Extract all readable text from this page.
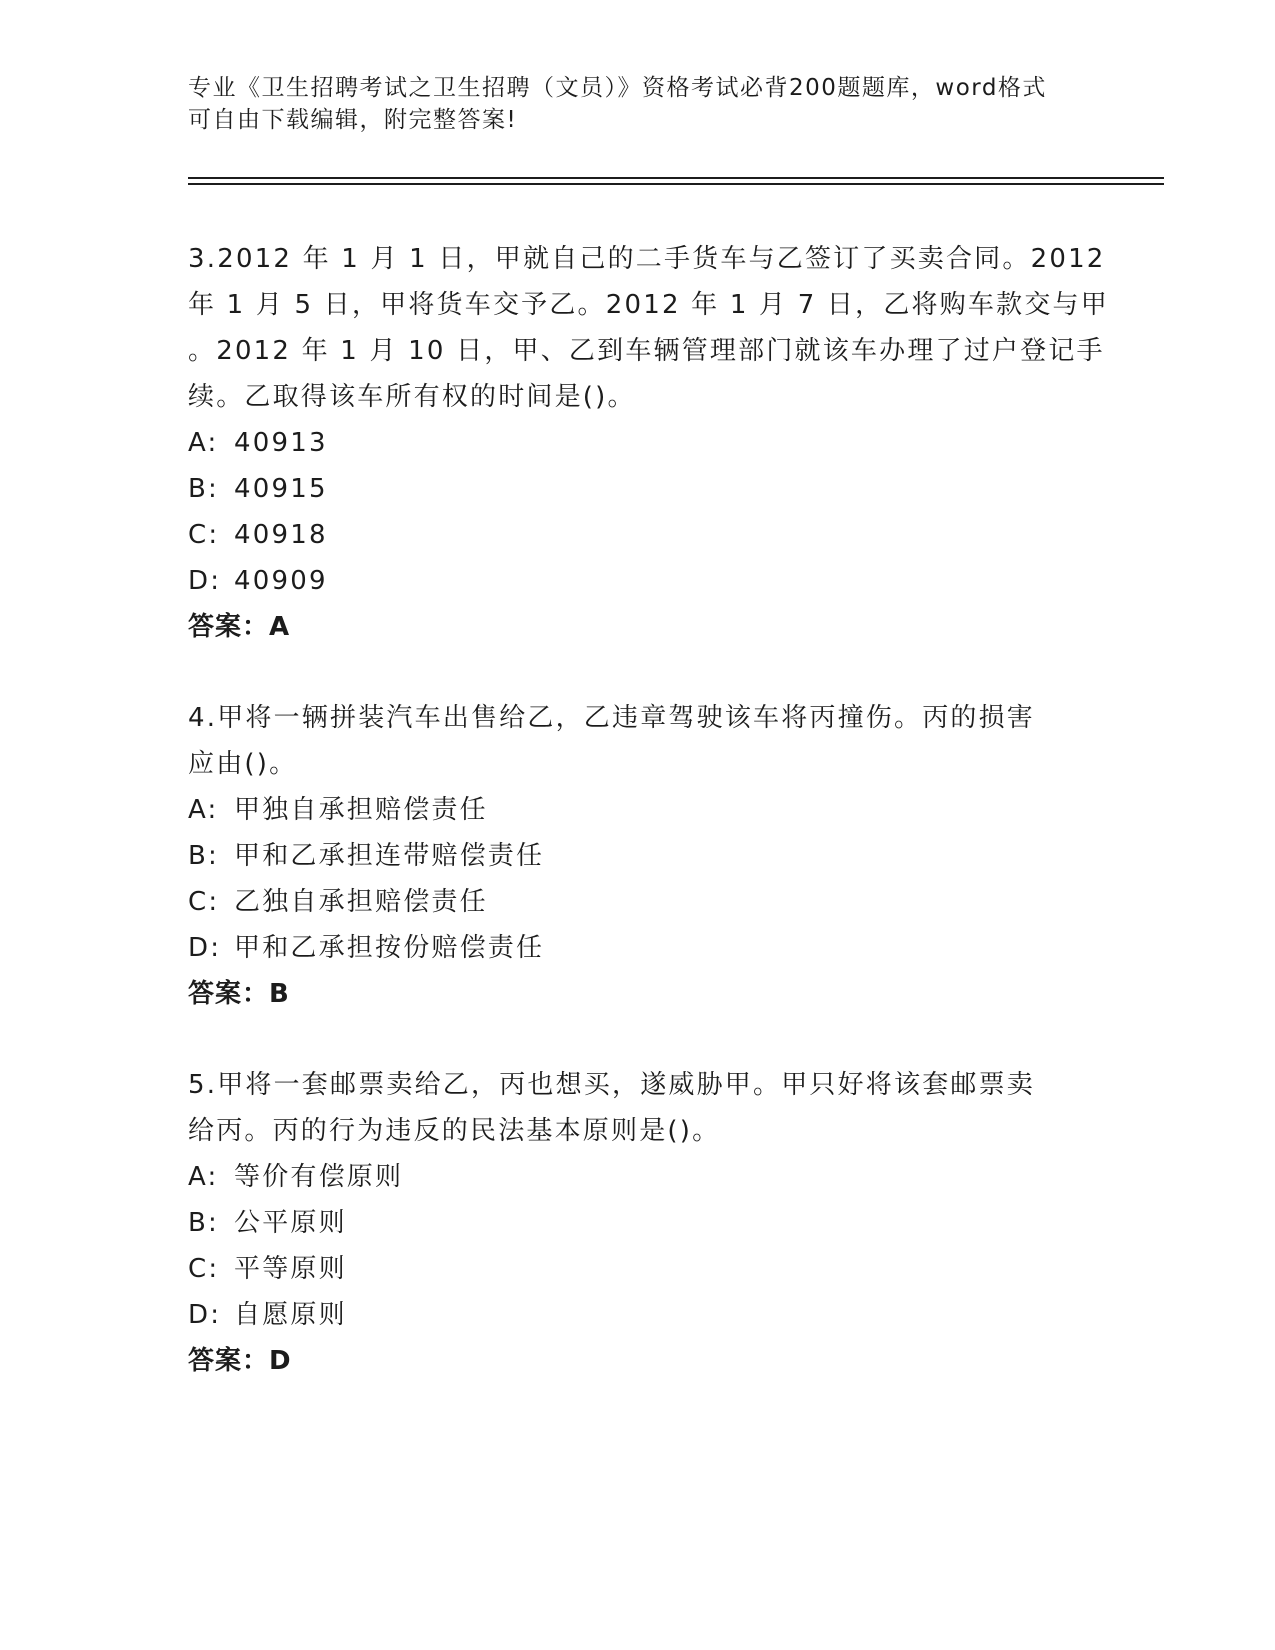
专业《卫生招聘考试之卫生招聘（文员）》资格考试必背200题题库，word格式

可自由下载编辑，附完整答案!

3.2012 年 1 月 1 日，甲就自己的二手货车与乙签订了买卖合同。2012
年 1 月 5 日，甲将货车交予乙。2012 年 1 月 7 日，乙将购车款交与甲
。2012 年 1 月 10 日，甲、乙到车辆管理部门就该车办理了过户登记手
续。乙取得该车所有权的时间是()。

A: 40913
B: 40915
C: 40918
D: 40909
答案：A

4.甲将一辆拼装汽车出售给乙，乙违章驾驶该车将丙撞伤。丙的损害
应由()。

A: 甲独自承担赔偿责任
B: 甲和乙承担连带赔偿责任
C: 乙独自承担赔偿责任
D: 甲和乙承担按份赔偿责任
答案：B

5.甲将一套邮票卖给乙，丙也想买，遂威胁甲。甲只好将该套邮票卖
给丙。丙的行为违反的民法基本原则是()。

A: 等价有偿原则
B: 公平原则
C: 平等原则
D: 自愿原则
答案：D
